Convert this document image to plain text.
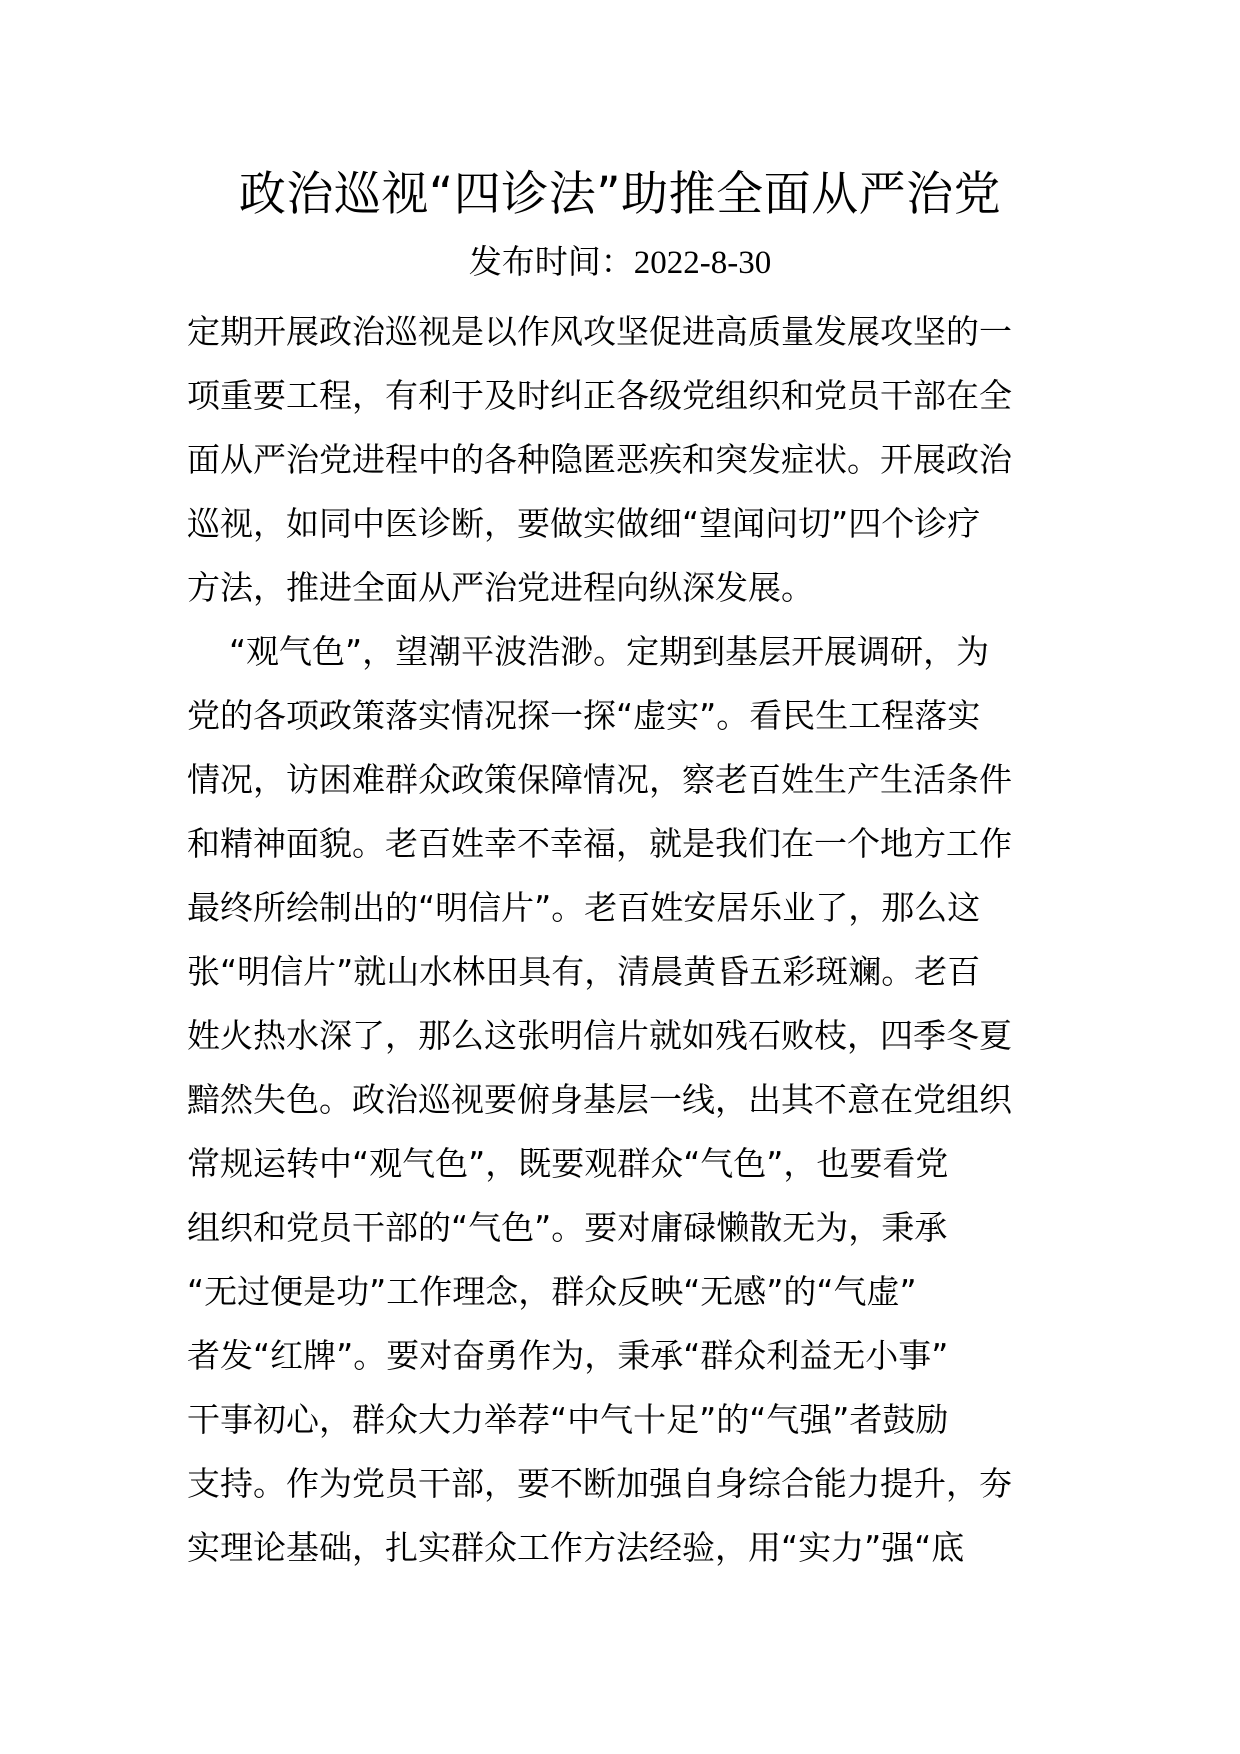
政治巡视“四诊法”助推全面从严治党
发布时间：2022-8-30
定期开展政治巡视是以作风攻坚促进高质量发展攻坚的一
项重要工程，有利于及时纠正各级党组织和党员干部在全
面从严治党进程中的各种隐匿恶疾和突发症状。开展政治
巡视，如同中医诊断，要做实做细“望闻问切”四个诊疗
方法，推进全面从严治党进程向纵深发展。
“观气色”，望潮平波浩渺。定期到基层开展调研，为
党的各项政策落实情况探一探“虚实”。看民生工程落实
情况，访困难群众政策保障情况，察老百姓生产生活条件
和精神面貌。老百姓幸不幸福，就是我们在一个地方工作
最终所绘制出的“明信片”。老百姓安居乐业了，那么这
张“明信片”就山水林田具有，清晨黄昏五彩斑斓。老百
姓火热水深了，那么这张明信片就如残石败枝，四季冬夏
黯然失色。政治巡视要俯身基层一线，出其不意在党组织
常规运转中“观气色”，既要观群众“气色”，也要看党
组织和党员干部的“气色”。要对庸碌懒散无为，秉承
“无过便是功”工作理念，群众反映“无感”的“气虚”
者发“红牌”。要对奋勇作为，秉承“群众利益无小事”
干事初心，群众大力举荐“中气十足”的“气强”者鼓励
支持。作为党员干部，要不断加强自身综合能力提升，夯
实理论基础，扎实群众工作方法经验，用“实力”强“底
